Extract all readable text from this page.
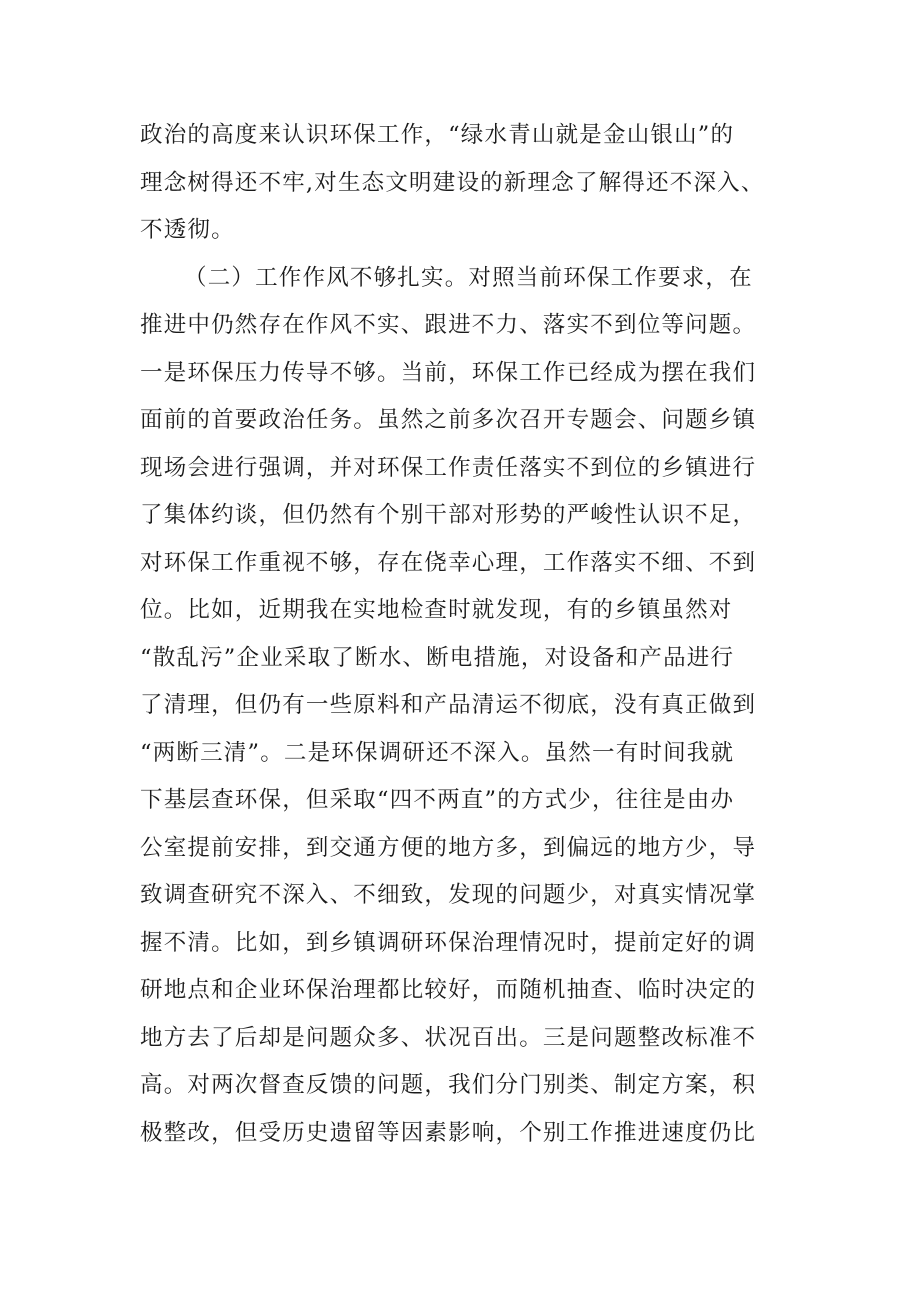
政治的高度来认识环保工作，“绿水青山就是金山银山”的
理念树得还不牢,对生态文明建设的新理念了解得还不深入、
不透彻。
（二）工作作风不够扎实。对照当前环保工作要求，在
推进中仍然存在作风不实、跟进不力、落实不到位等问题。
一是环保压力传导不够。当前，环保工作已经成为摆在我们
面前的首要政治任务。虽然之前多次召开专题会、问题乡镇
现场会进行强调，并对环保工作责任落实不到位的乡镇进行
了集体约谈，但仍然有个别干部对形势的严峻性认识不足，
对环保工作重视不够，存在侥幸心理，工作落实不细、不到
位。比如，近期我在实地检查时就发现，有的乡镇虽然对
“散乱污”企业采取了断水、断电措施，对设备和产品进行
了清理，但仍有一些原料和产品清运不彻底，没有真正做到
“两断三清”。二是环保调研还不深入。虽然一有时间我就
下基层查环保，但采取“四不两直”的方式少，往往是由办
公室提前安排，到交通方便的地方多，到偏远的地方少，导
致调查研究不深入、不细致，发现的问题少，对真实情况掌
握不清。比如，到乡镇调研环保治理情况时，提前定好的调
研地点和企业环保治理都比较好，而随机抽查、临时决定的
地方去了后却是问题众多、状况百出。三是问题整改标准不
高。对两次督查反馈的问题，我们分门别类、制定方案，积
极整改，但受历史遗留等因素影响，个别工作推进速度仍比
